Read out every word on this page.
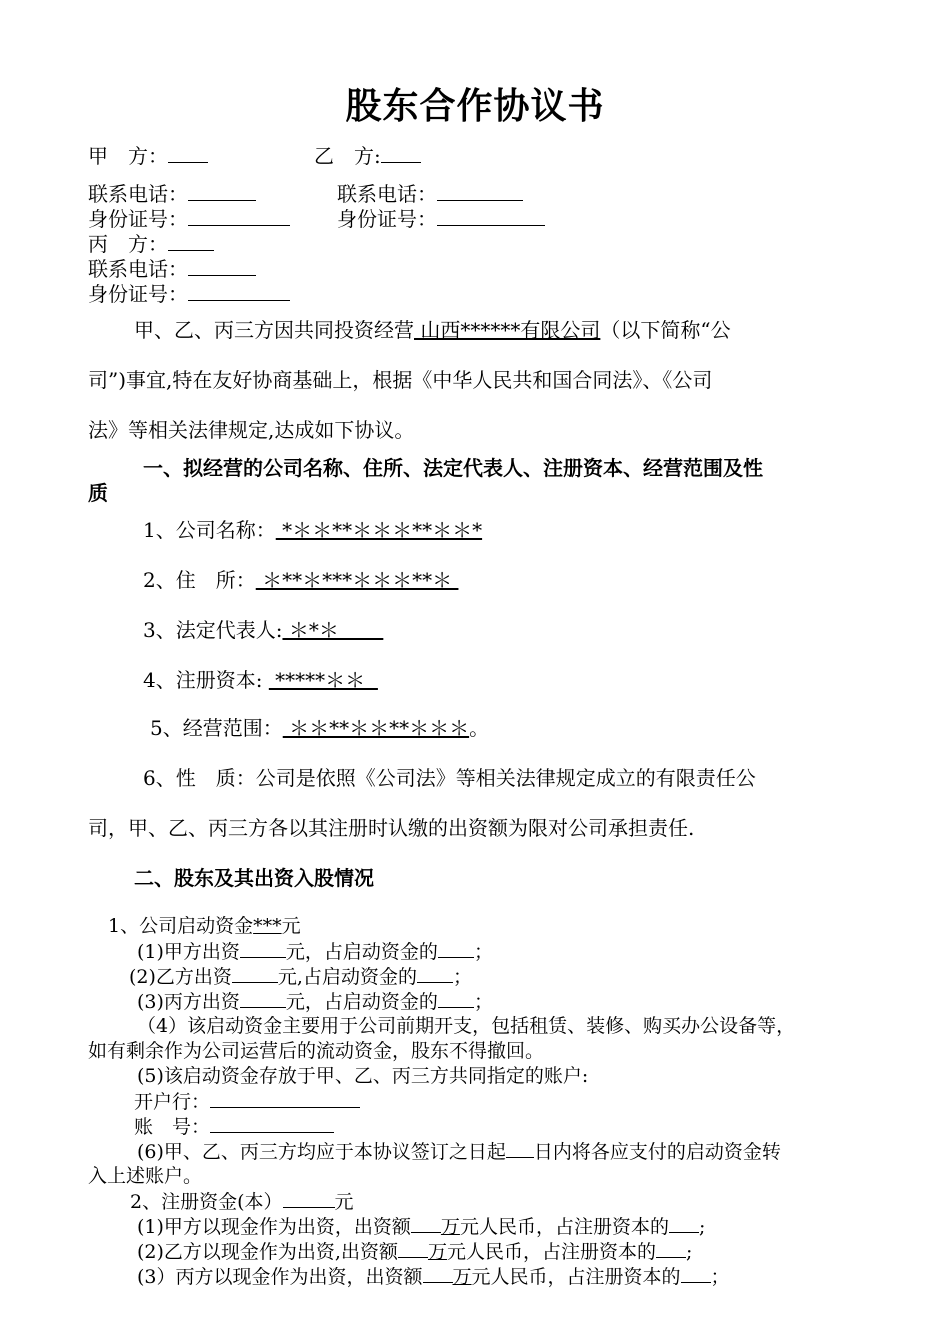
股东合作协议书
甲　方：	乙　方:
联系电话：	联系电话：
身份证号：	身份证号：
丙　方：
联系电话：
身份证号：
甲、乙、丙三方因共同投资经营 山西******有限公司（以下简称“公
司”)事宜,特在友好协商基础上，根据《中华人民共和国合同法》、《公司
法》等相关法律规定,达成如下协议。
一、拟经营的公司名称、住所、法定代表人、注册资本、经营范围及性
质
1、公司名称： *＊＊**＊＊＊**＊＊*
2、住　所： ＊**＊***＊＊＊**＊
3、法定代表人: ＊*＊
4、注册资本:  *****＊＊
5、经营范围： ＊＊**＊＊**＊＊＊。
6、性　质：公司是依照《公司法》等相关法律规定成立的有限责任公
司，甲、乙、丙三方各以其注册时认缴的出资额为限对公司承担责任.
二、股东及其出资入股情况
1、公司启动资金***元
(1)甲方出资 元，占启动资金的 ；
(2)乙方出资 元,占启动资金的 ；
(3)丙方出资 元，占启动资金的 ；
（4）该启动资金主要用于公司前期开支，包括租赁、装修、购买办公设备等，
如有剩余作为公司运营后的流动资金，股东不得撤回。
(5)该启动资金存放于甲、乙、丙三方共同指定的账户:
开户行：
账　号：
(6)甲、乙、丙三方均应于本协议签订之日起 日内将各应支付的启动资金转
入上述账户。
2、注册资金(本）	元
(1)甲方以现金作为出资，出资额 万元人民币，占注册资本的 ;
(2)乙方以现金作为出资,出资额 万元人民币，占注册资本的 ;
(3）丙方以现金作为出资，出资额 万元人民币，占注册资本的 ；
